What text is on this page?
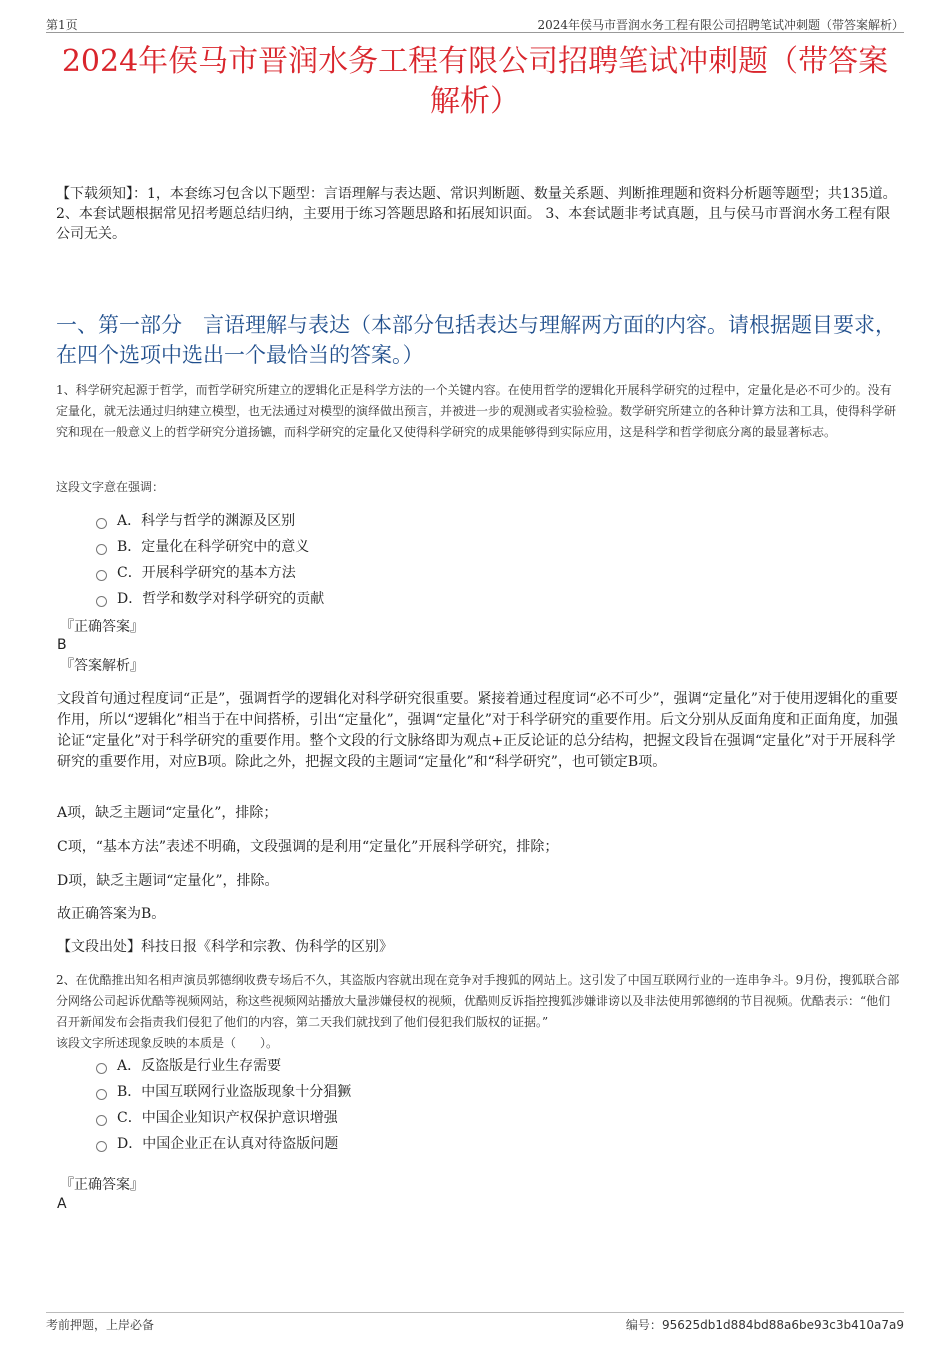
第1页	2024年侯马市晋润水务工程有限公司招聘笔试冲刺题（带答案解析）
2024年侯马市晋润水务工程有限公司招聘笔试冲刺题（带答案
解析）
【下载须知】：1，本套练习包含以下题型：言语理解与表达题、常识判断题、数量关系题、判断推理题和资料分析题等题型；共135道。 2、本套试题根据常见招考题总结归纳，主要用于练习答题思路和拓展知识面。 3、本套试题非考试真题，且与侯马市晋润水务工程有限公司无关。
一、第一部分　言语理解与表达（本部分包括表达与理解两方面的内容。请根据题目要求，在四个选项中选出一个最恰当的答案。）
1、科学研究起源于哲学，而哲学研究所建立的逻辑化正是科学方法的一个关键内容。在使用哲学的逻辑化开展科学研究的过程中，定量化是必不可少的。没有定量化，就无法通过归纳建立模型，也无法通过对模型的演绎做出预言，并被进一步的观测或者实验检验。数学研究所建立的各种计算方法和工具，使得科学研究和现在一般意义上的哲学研究分道扬镳，而科学研究的定量化又使得科学研究的成果能够得到实际应用，这是科学和哲学彻底分离的最显著标志。
这段文字意在强调：
A． 科学与哲学的渊源及区别
B． 定量化在科学研究中的意义
C． 开展科学研究的基本方法
D． 哲学和数学对科学研究的贡献
『正确答案』
B
『答案解析』
文段首句通过程度词“正是”，强调哲学的逻辑化对科学研究很重要。紧接着通过程度词“必不可少”，强调“定量化”对于使用逻辑化的重要作用，所以“逻辑化”相当于在中间搭桥，引出“定量化”，强调“定量化”对于科学研究的重要作用。后文分别从反面角度和正面角度，加强论证“定量化”对于科学研究的重要作用。整个文段的行文脉络即为观点+正反论证的总分结构，把握文段旨在强调“定量化”对于开展科学研究的重要作用，对应B项。除此之外，把握文段的主题词“定量化”和“科学研究”，也可锁定B项。
A项，缺乏主题词“定量化”，排除；
C项，“基本方法”表述不明确，文段强调的是利用“定量化”开展科学研究，排除；
D项，缺乏主题词“定量化”，排除。
故正确答案为B。
【文段出处】科技日报《科学和宗教、伪科学的区别》
2、在优酷推出知名相声演员郭德纲收费专场后不久，其盗版内容就出现在竞争对手搜狐的网站上。这引发了中国互联网行业的一连串争斗。9月份，搜狐联合部分网络公司起诉优酷等视频网站，称这些视频网站播放大量涉嫌侵权的视频，优酷则反诉指控搜狐涉嫌诽谤以及非法使用郭德纲的节目视频。优酷表示：“他们召开新闻发布会指责我们侵犯了他们的内容，第二天我们就找到了他们侵犯我们版权的证据。”
该段文字所述现象反映的本质是（　　）。
A． 反盗版是行业生存需要
B． 中国互联网行业盗版现象十分猖獗
C． 中国企业知识产权保护意识增强
D． 中国企业正在认真对待盗版问题
『正确答案』
A
考前押题，上岸必备	编号：95625db1d884bd88a6be93c3b410a7a9
